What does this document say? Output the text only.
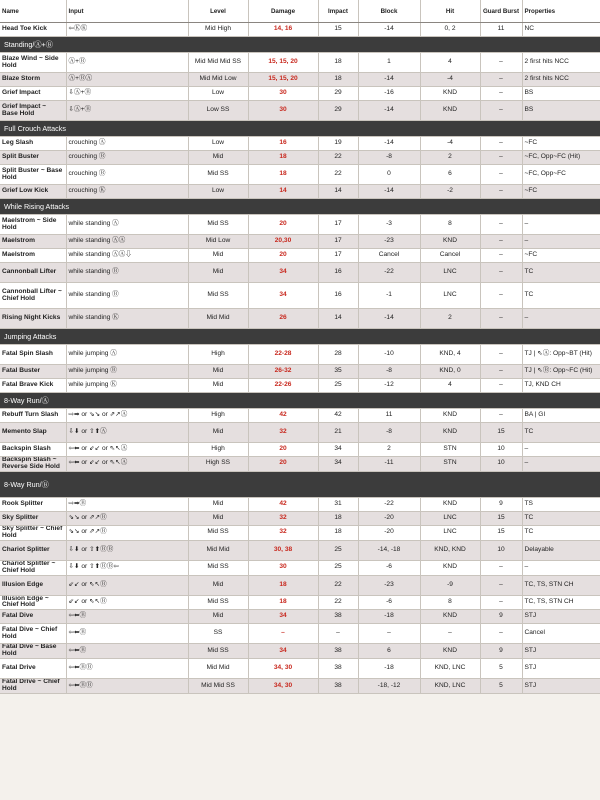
Name	Input	Level	Damage	Impact	Block	Hit	Guard Burst	Properties
Head Toe Kick	⇦ⓀⓀ	Mid High	14, 16	15	-14	0, 2	11	NC
Standing/Ⓐ+Ⓑ								
Blaze Wind ~ Side Hold	Ⓐ+Ⓑ	Mid Mid Mid SS	15, 15, 20	18	1	4	–	2 first hits NCC
Blaze Storm	Ⓐ+ⒷⒶ	Mid Mid Low	15, 15, 20	18	-14	-4	–	2 first hits NCC
Grief Impact	⇩Ⓐ+Ⓑ	Low	30	29	-16	KND	–	BS
Grief Impact ~ Base Hold	⇩Ⓐ+Ⓑ	Low SS	30	29	-14	KND	–	BS
Full Crouch Attacks								
Leg Slash	crouching Ⓐ	Low	16	19	-14	-4	–	~FC
Split Buster	crouching Ⓑ	Mid	18	22	-8	2	–	~FC, Opp~FC (Hit)
Split Buster ~ Base Hold	crouching Ⓑ	Mid SS	18	22	0	6	–	~FC, Opp~FC
Grief Low Kick	crouching Ⓚ	Low	14	14	-14	-2	–	~FC
While Rising Attacks								
Maelstrom ~ Side Hold	while standing Ⓐ	Mid SS	20	17	-3	8	–	–
Maelstrom	while standing ⒶⒶ	Mid Low	20,30	17	-23	KND	–	–
Maelstrom	while standing ⒶⒶ⇩	Mid	20	17	Cancel	Cancel	–	~FC
Cannonball Lifter	while standing Ⓑ	Mid	34	16	-22	LNC	–	TC
Cannonball Lifter ~ Chief Hold	while standing Ⓑ	Mid SS	34	16	-1	LNC	–	TC
Rising Night Kicks	while standing Ⓚ	Mid Mid	26	14	-14	2	–	–
Jumping Attacks								
Fatal Spin Slash	while jumping Ⓐ	High	22-28	28	-10	KND, 4	–	TJ | ⇖Ⓐ: Opp~BT (Hit)
Fatal Buster	while jumping Ⓑ	Mid	26-32	35	-8	KND, 0	–	TJ | ⇖Ⓑ: Opp~FC (Hit)
Fatal Brave Kick	while jumping Ⓚ	Mid	22-26	25	-12	4	–	TJ, KND CH
8-Way Run/Ⓐ								
Rebuff Turn Slash	⇨➡ or ⇘↘ or ⇗↗Ⓐ	High	42	42	11	KND	–	BA | GI
Memento Slap	⇩⬇ or ⇧⬆Ⓐ	Mid	32	21	-8	KND	15	TC
Backspin Slash	⇦⬅ or ⇙↙ or ⇖↖Ⓐ	High	20	34	2	STN	10	–
Backspin Slash ~ Reverse Side Hold	⇦⬅ or ⇙↙ or ⇖↖Ⓐ	High SS	20	34	-11	STN	10	–
8-Way Run/Ⓑ								
Rook Splitter	⇨➡Ⓑ	Mid	42	31	-22	KND	9	TS
Sky Splitter	⇘↘ or ⇗↗Ⓑ	Mid	32	18	-20	LNC	15	TC
Sky Splitter ~ Chief Hold	⇘↘ or ⇗↗Ⓑ	Mid SS	32	18	-20	LNC	15	TC
Chariot Splitter	⇩⬇ or ⇧⬆ⒷⒷ	Mid Mid	30, 38	25	-14, -18	KND, KND	10	Delayable
Chariot Splitter ~ Chief Hold	⇩⬇ or ⇧⬆ⒷⒷ⇦	Mid SS	30	25	-6	KND	–	–
Illusion Edge	⇙↙ or ⇖↖Ⓑ	Mid	18	22	-23	-9	–	TC, TS, STN CH
Illusion Edge ~ Chief Hold	⇙↙ or ⇖↖Ⓑ	Mid SS	18	22	-6	8	–	TC, TS, STN CH
Fatal Dive	⇦⬅Ⓑ	Mid	34	38	-18	KND	9	STJ
Fatal Dive ~ Chief Hold	⇦⬅Ⓑ	SS	–	–	–	–	–	Cancel
Fatal Dive ~ Base Hold	⇦⬅Ⓑ	Mid SS	34	38	6	KND	9	STJ
Fatal Drive	⇦⬅ⒷⒷ	Mid Mid	34, 30	38	-18	KND, LNC	5	STJ
Fatal Drive ~ Chief Hold	⇦⬅ⒷⒷ	Mid Mid SS	34, 30	38	-18, -12	KND, LNC	5	STJ
